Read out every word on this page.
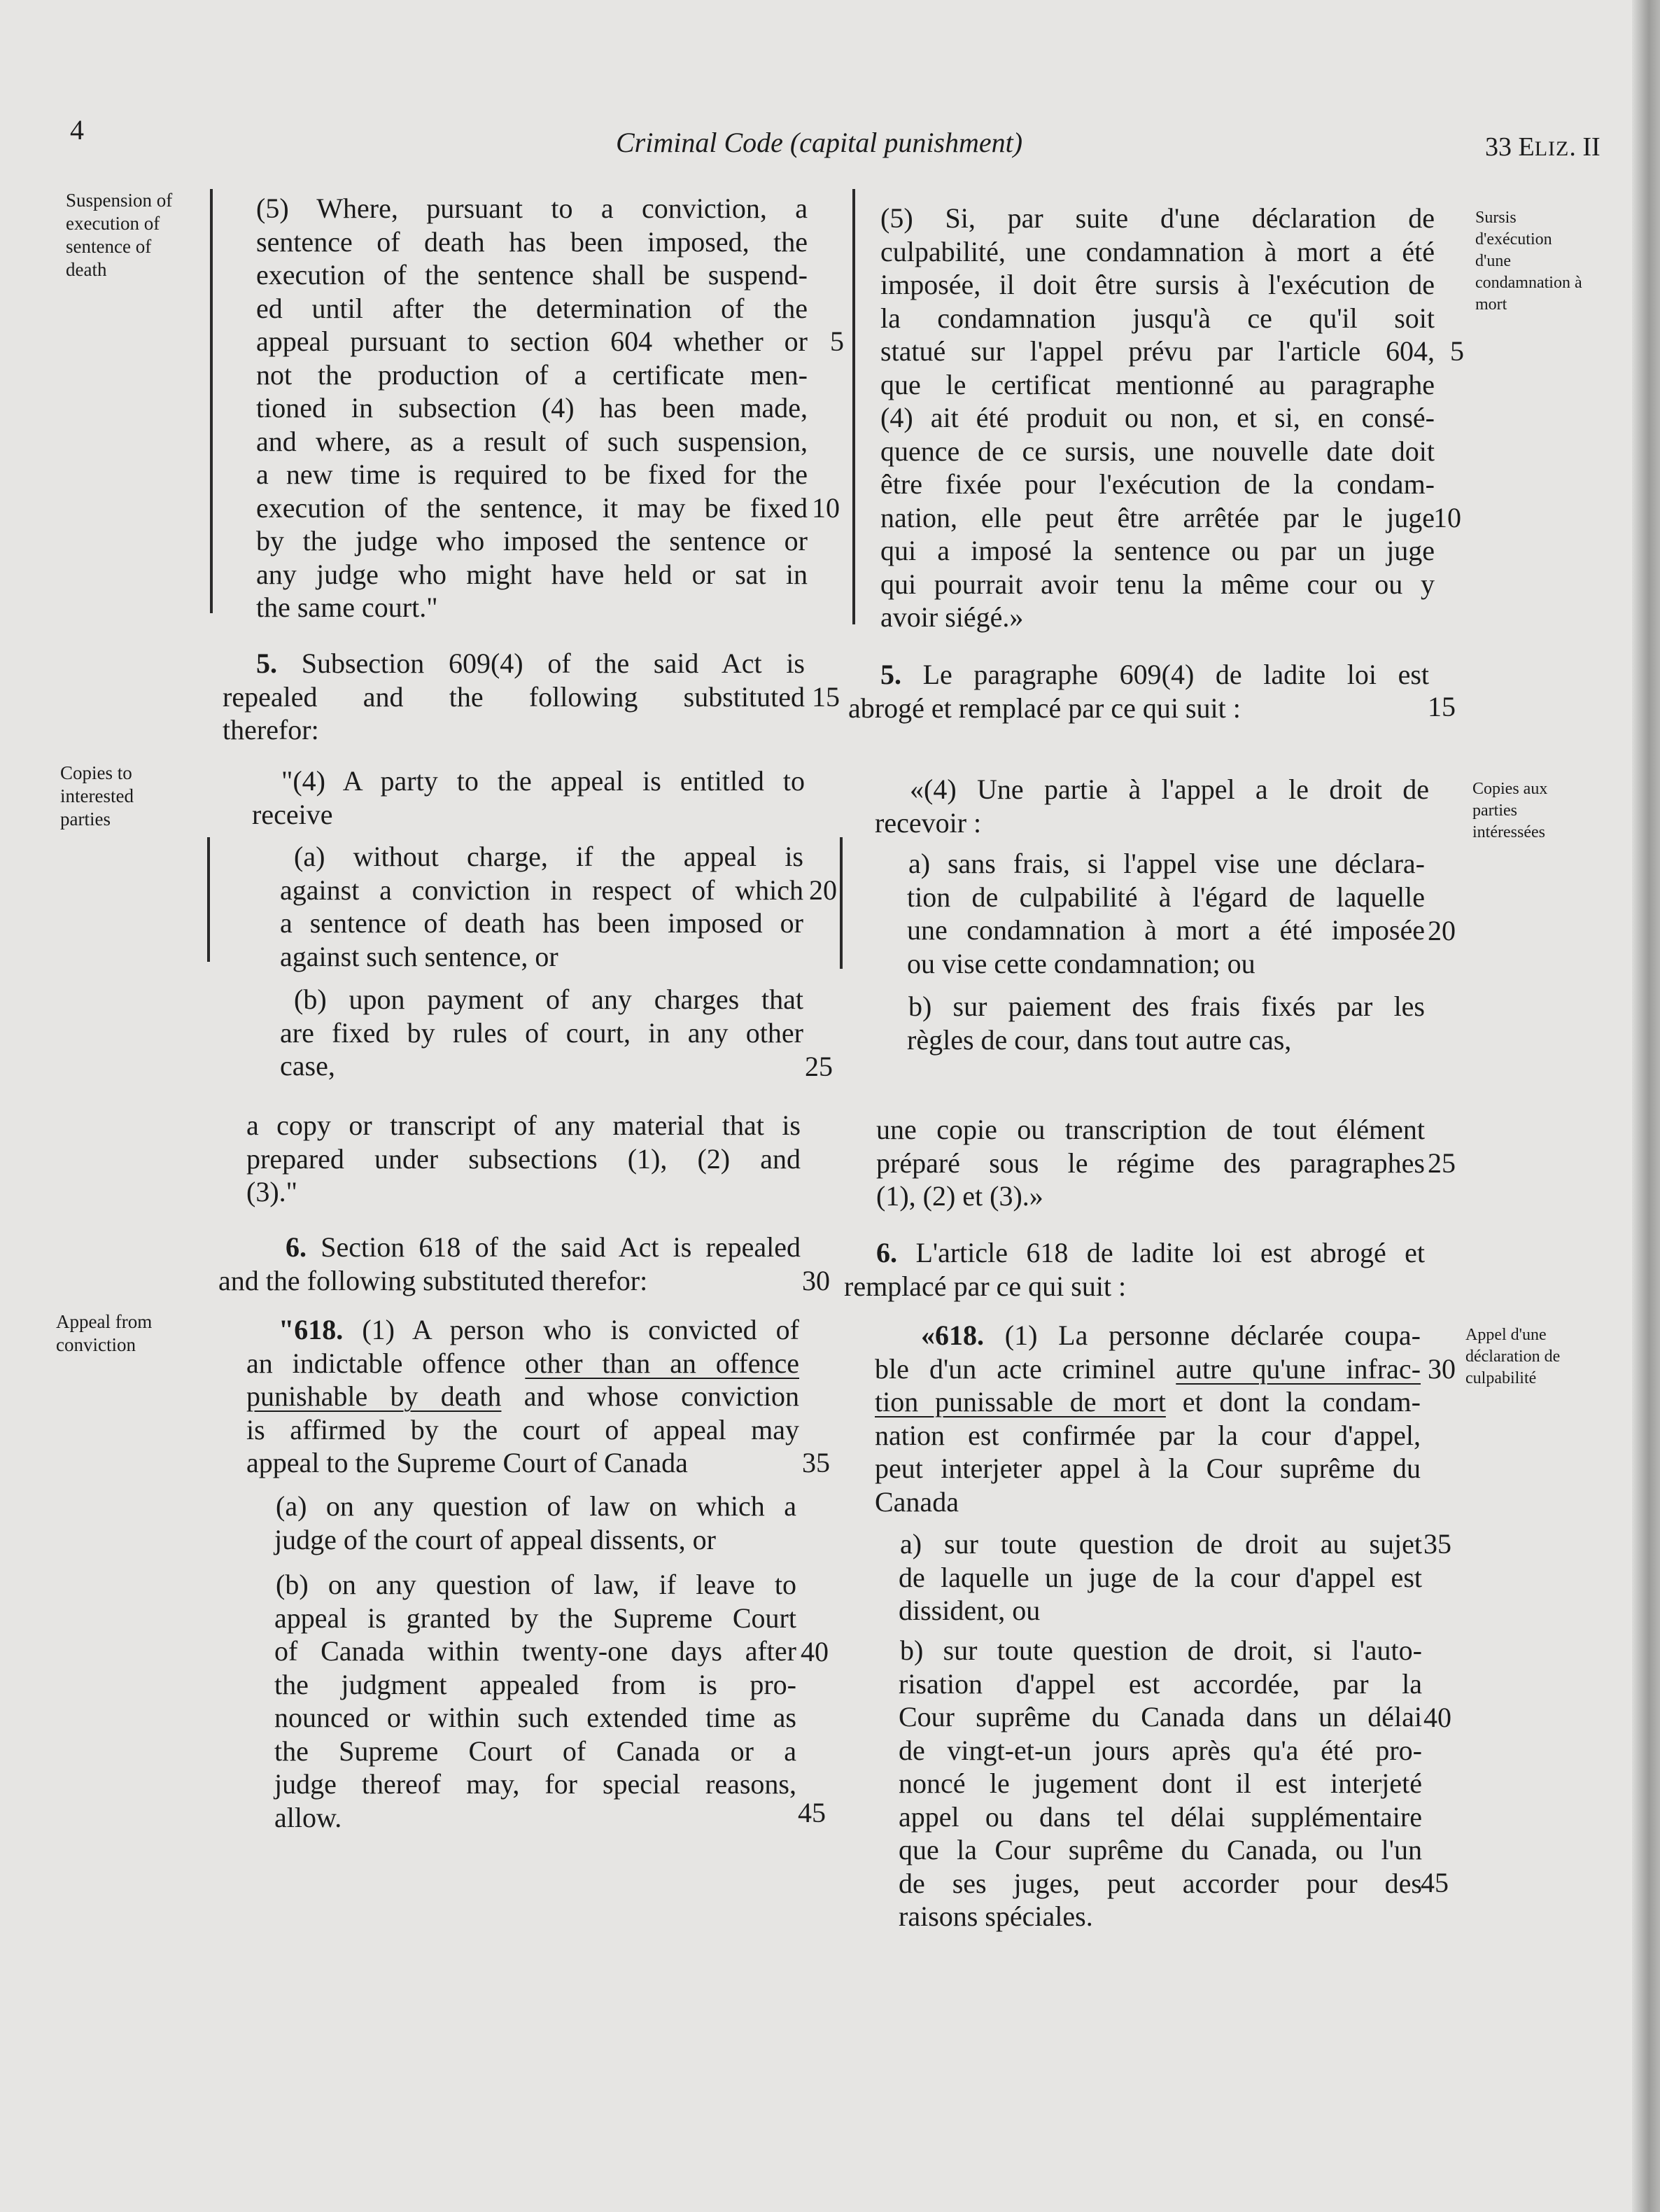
4	Criminal Code (capital punishment)	33 ELIZ. II
Suspension of
execution of
sentence of
death
Copies to
interested
parties
Appeal from
conviction
Sursis
d'exécution
d'une
condamnation à
mort
Copies aux
parties
intéressées
Appel d'une
déclaration de
culpabilité

(5) Where, pursuant to a conviction, a

sentence of death has been imposed, the

execution of the sentence shall be suspend-

ed until after the determination of the

appeal pursuant to section 604 whether or

not the production of a certificate men-

tioned in subsection (4) has been made,

and where, as a result of such suspension,

a new time is required to be fixed for the

execution of the sentence, it may be fixed

by the judge who imposed the sentence or

any judge who might have held or sat in

the same court."

5. Subsection 609(4) of the said Act is

repealed and the following substituted

therefor:

"(4) A party to the appeal is entitled to

receive

(a) without charge, if the appeal is

against a conviction in respect of which

a sentence of death has been imposed or

against such sentence, or

(b) upon payment of any charges that

are fixed by rules of court, in any other

case,

a copy or transcript of any material that is

prepared under subsections (1), (2) and

(3)."

6. Section 618 of the said Act is repealed

and the following substituted therefor:

"618. (1) A person who is convicted of

an indictable offence other than an offence

punishable by death and whose conviction

is affirmed by the court of appeal may

appeal to the Supreme Court of Canada

(a) on any question of law on which a

judge of the court of appeal dissents, or

(b) on any question of law, if leave to

appeal is granted by the Supreme Court

of Canada within twenty-one days after

the judgment appealed from is pro-

nounced or within such extended time as

the Supreme Court of Canada or a

judge thereof may, for special reasons,

allow.

(5) Si, par suite d'une déclaration de

culpabilité, une condamnation à mort a été

imposée, il doit être sursis à l'exécution de

la condamnation jusqu'à ce qu'il soit

statué sur l'appel prévu par l'article 604,

que le certificat mentionné au paragraphe

(4) ait été produit ou non, et si, en consé-

quence de ce sursis, une nouvelle date doit

être fixée pour l'exécution de la condam-

nation, elle peut être arrêtée par le juge

qui a imposé la sentence ou par un juge

qui pourrait avoir tenu la même cour ou y

avoir siégé.»

5. Le paragraphe 609(4) de ladite loi est

abrogé et remplacé par ce qui suit :

«(4) Une partie à l'appel a le droit de

recevoir :

a) sans frais, si l'appel vise une déclara-

tion de culpabilité à l'égard de laquelle

une condamnation à mort a été imposée

ou vise cette condamnation; ou

b) sur paiement des frais fixés par les

règles de cour, dans tout autre cas,

une copie ou transcription de tout élément

préparé sous le régime des paragraphes

(1), (2) et (3).»

6. L'article 618 de ladite loi est abrogé et

remplacé par ce qui suit :

«618. (1) La personne déclarée coupa-

ble d'un acte criminel autre qu'une infrac-

tion punissable de mort et dont la condam-

nation est confirmée par la cour d'appel,

peut interjeter appel à la Cour suprême du

Canada

a) sur toute question de droit au sujet

de laquelle un juge de la cour d'appel est

dissident, ou

b) sur toute question de droit, si l'auto-

risation d'appel est accordée, par la

Cour suprême du Canada dans un délai

de vingt-et-un jours après qu'a été pro-

noncé le jugement dont il est interjeté

appel ou dans tel délai supplémentaire

que la Cour suprême du Canada, ou l'un

de ses juges, peut accorder pour des

raisons spéciales.

5
10
15
20
25
30
35
40
45
5
10
15
20
25
30
35
40
45
